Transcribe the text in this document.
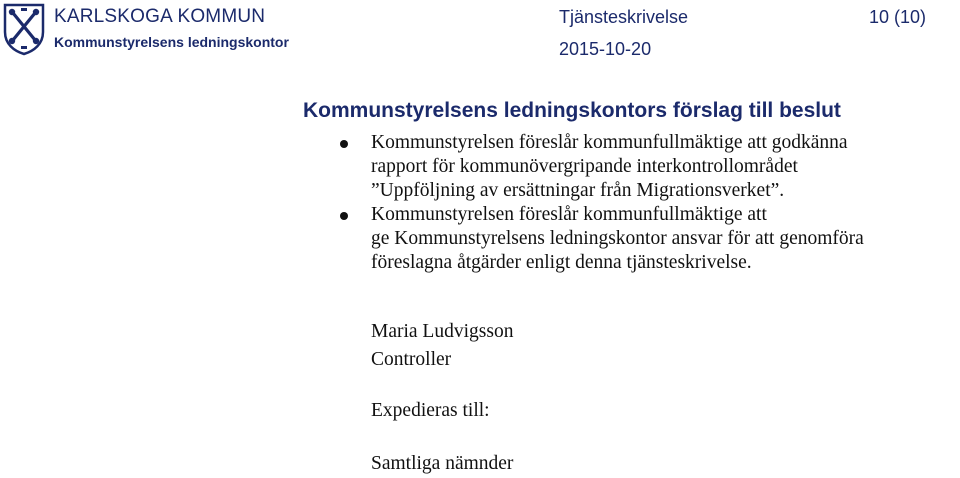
KARLSKOGA KOMMUN
Kommunstyrelsens ledningskontor
Tjänsteskrivelse	10 (10)
2015-10-20
Kommunstyrelsens ledningskontors förslag till beslut
Kommunstyrelsen föreslår kommunfullmäktige att godkänna
rapport för kommunövergripande interkontrollområdet
”Uppföljning av ersättningar från Migrationsverket”.
Kommunstyrelsen föreslår kommunfullmäktige att
ge Kommunstyrelsens ledningskontor ansvar för att genomföra
föreslagna åtgärder enligt denna tjänsteskrivelse.
Maria Ludvigsson
Controller
Expedieras till:
Samtliga nämnder
